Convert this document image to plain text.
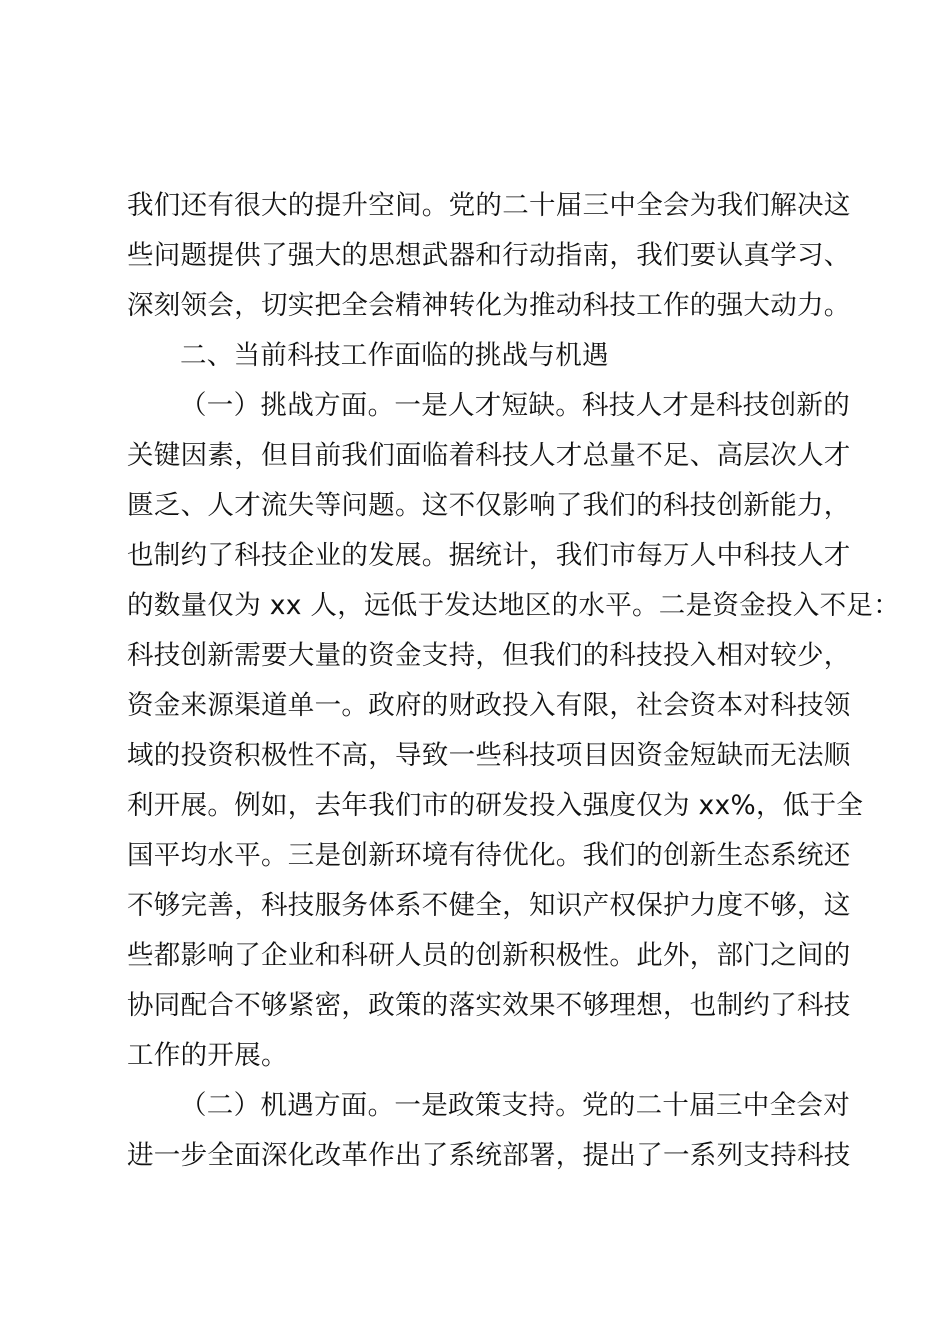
我们还有很大的提升空间。党的二十届三中全会为我们解决这
些问题提供了强大的思想武器和行动指南，我们要认真学习、
深刻领会，切实把全会精神转化为推动科技工作的强大动力。
二、当前科技工作面临的挑战与机遇
（一）挑战方面。一是人才短缺。科技人才是科技创新的
关键因素，但目前我们面临着科技人才总量不足、高层次人才
匮乏、人才流失等问题。这不仅影响了我们的科技创新能力，
也制约了科技企业的发展。据统计，我们市每万人中科技人才
的数量仅为 xx 人，远低于发达地区的水平。二是资金投入不足：
科技创新需要大量的资金支持，但我们的科技投入相对较少，
资金来源渠道单一。政府的财政投入有限，社会资本对科技领
域的投资积极性不高，导致一些科技项目因资金短缺而无法顺
利开展。例如，去年我们市的研发投入强度仅为 xx%，低于全
国平均水平。三是创新环境有待优化。我们的创新生态系统还
不够完善，科技服务体系不健全，知识产权保护力度不够，这
些都影响了企业和科研人员的创新积极性。此外，部门之间的
协同配合不够紧密，政策的落实效果不够理想，也制约了科技
工作的开展。
（二）机遇方面。一是政策支持。党的二十届三中全会对
进一步全面深化改革作出了系统部署，提出了一系列支持科技
